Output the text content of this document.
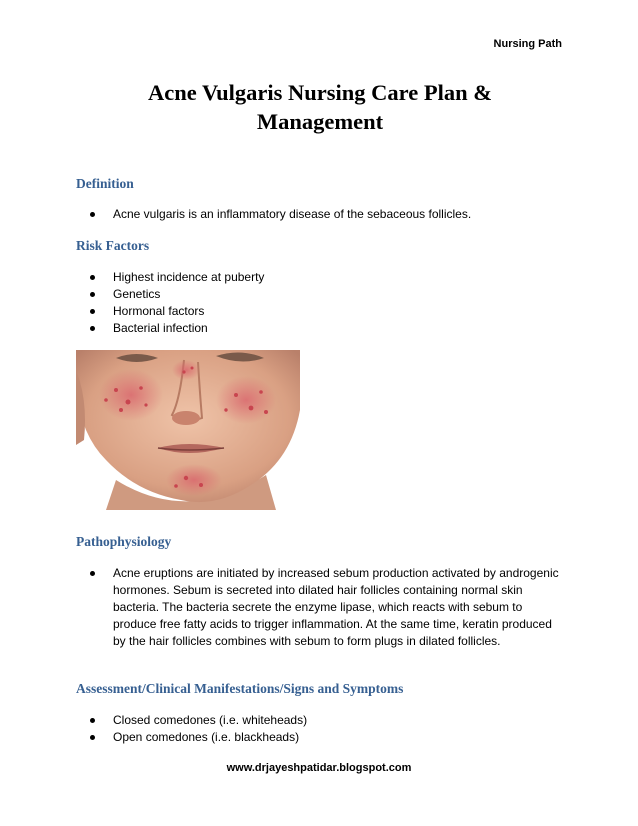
Nursing Path
Acne Vulgaris Nursing Care Plan &
Management
Definition
Acne vulgaris is an inflammatory disease of the sebaceous follicles.
Risk Factors
Highest incidence at puberty
Genetics
Hormonal factors
Bacterial infection
Pathophysiology
Acne eruptions are initiated by increased sebum production activated by androgenic hormones. Sebum is secreted into dilated hair follicles containing normal skin bacteria. The bacteria secrete the enzyme lipase, which reacts with sebum to produce free fatty acids to trigger inflammation. At the same time, keratin produced by the hair follicles combines with sebum to form plugs in dilated follicles.
Assessment/Clinical Manifestations/Signs and Symptoms
Closed comedones (i.e. whiteheads)
Open comedones (i.e. blackheads)
www.drjayeshpatidar.blogspot.com
